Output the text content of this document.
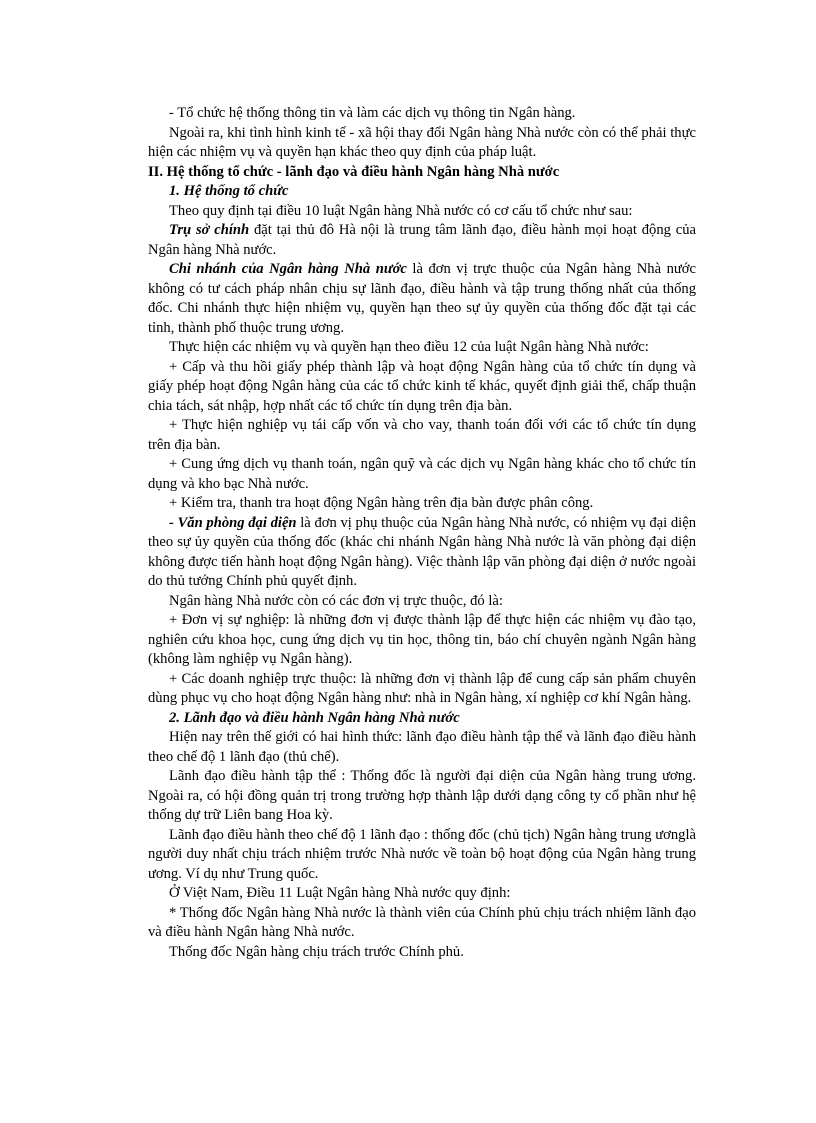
- Tổ chức hệ thống thông tin và làm các dịch vụ thông tin Ngân hàng.

Ngoài ra, khi tình hình kinh tế - xã hội thay đổi Ngân hàng Nhà nước còn có thể phải thực hiện các nhiệm vụ và quyền hạn khác theo quy định của pháp luật.

II. Hệ thống tổ chức - lãnh đạo và điều hành Ngân hàng Nhà nước

1. Hệ thống tổ chức

Theo quy định tại điều 10 luật Ngân hàng Nhà nước có cơ cấu tổ chức như sau:

Trụ sở chính đặt tại thủ đô Hà nội là trung tâm lãnh đạo, điều hành mọi hoạt động của Ngân hàng Nhà nước.

Chi nhánh của Ngân hàng Nhà nước là đơn vị trực thuộc của Ngân hàng Nhà nước không có tư cách pháp nhân chịu sự lãnh đạo, điều hành và tập trung thống nhất của thống đốc. Chi nhánh thực hiện nhiệm vụ, quyền hạn theo sự ủy quyền của thống đốc đặt tại các tỉnh, thành phố thuộc trung ương.

Thực hiện các nhiệm vụ và quyền hạn theo điều 12 của luật Ngân hàng Nhà nước:

+ Cấp và thu hồi giấy phép thành lập và hoạt động Ngân hàng của tổ chức tín dụng và giấy phép hoạt động Ngân hàng của các tổ chức kinh tế khác, quyết định giải thể, chấp thuận chia tách, sát nhập, hợp nhất các tổ chức tín dụng trên địa bàn.

+ Thực hiện nghiệp vụ tái cấp vốn và cho vay, thanh toán đối với các tổ chức tín dụng trên địa bàn.

+ Cung ứng dịch vụ thanh toán, ngân quỹ và các dịch vụ Ngân hàng khác cho tổ chức tín dụng và kho bạc Nhà nước.

+ Kiểm tra, thanh tra hoạt động Ngân hàng trên địa bàn được phân công.

- Văn phòng đại diện là đơn vị phụ thuộc của Ngân hàng Nhà nước, có nhiệm vụ đại diện theo sự ủy quyền của thống đốc (khác chi nhánh Ngân hàng Nhà nước là văn phòng đại diện không được tiến hành hoạt động Ngân hàng). Việc thành lập văn phòng đại diện ở nước ngoài do thủ tướng Chính phủ quyết định.

Ngân hàng Nhà nước còn có các đơn vị trực thuộc, đó là:

+ Đơn vị sự nghiệp: là những đơn vị được thành lập để thực hiện các nhiệm vụ đào tạo, nghiên cứu khoa học, cung ứng dịch vụ tin học, thông tin, báo chí chuyên ngành Ngân hàng (không làm nghiệp vụ Ngân hàng).

+ Các doanh nghiệp trực thuộc: là những đơn vị thành lập để cung cấp sản phẩm chuyên dùng phục vụ cho hoạt động Ngân hàng như: nhà in Ngân hàng, xí nghiệp cơ khí Ngân hàng.

2. Lãnh đạo và điều hành Ngân hàng Nhà nước

Hiện nay trên thế giới có hai hình thức: lãnh đạo điều hành tập thể và lãnh đạo điều hành theo chế độ 1 lãnh đạo (thủ chế).

Lãnh đạo điều hành tập thể : Thống đốc là người đại diện của Ngân hàng trung ương. Ngoài ra, có hội đồng quản trị trong trường hợp thành lập dưới dạng công ty cổ phần như hệ thống dự trữ Liên bang Hoa kỳ.

Lãnh đạo điều hành theo chế độ 1 lãnh đạo : thống đốc (chủ tịch) Ngân hàng trung ươnglà người duy nhất chịu trách nhiệm trước Nhà nước về toàn bộ hoạt động của Ngân hàng trung ương. Ví dụ như Trung quốc.

Ở Việt Nam, Điều 11 Luật Ngân hàng Nhà nước quy định:

* Thống đốc Ngân hàng Nhà nước là thành viên của Chính phủ chịu trách nhiệm lãnh đạo và điều hành Ngân hàng Nhà nước.

Thống đốc Ngân hàng chịu trách trước Chính phủ.
